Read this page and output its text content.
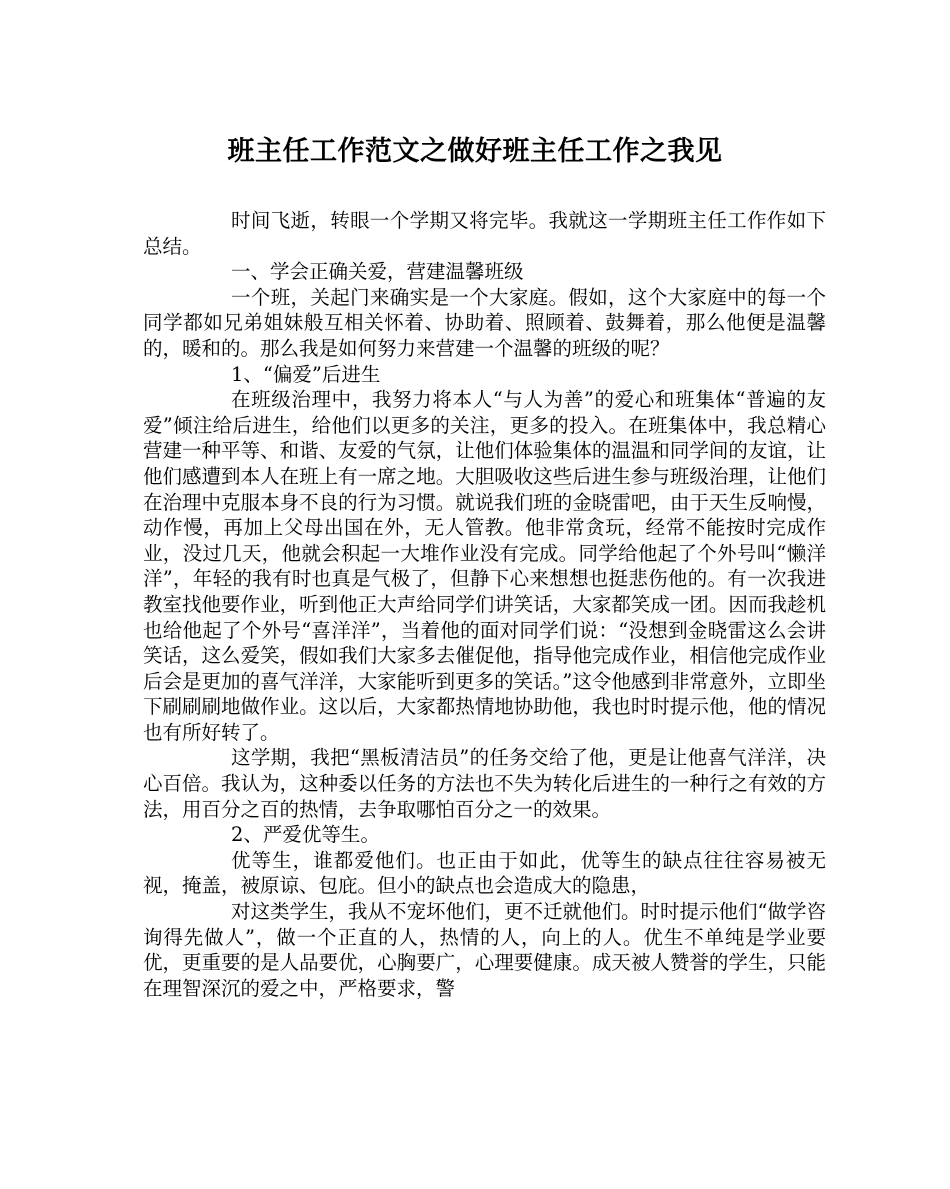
班主任工作范文之做好班主任工作之我见

时间飞逝，转眼一个学期又将完毕。我就这一学期班主任工作作如下总结。

一、学会正确关爱，营建温馨班级

一个班，关起门来确实是一个大家庭。假如，这个大家庭中的每一个同学都如兄弟姐妹般互相关怀着、协助着、照顾着、鼓舞着，那么他便是温馨的，暖和的。那么我是如何努力来营建一个温馨的班级的呢？

1、“偏爱”后进生

在班级治理中，我努力将本人“与人为善”的爱心和班集体“普遍的友爱”倾注给后进生，给他们以更多的关注，更多的投入。在班集体中，我总精心营建一种平等、和谐、友爱的气氛，让他们体验集体的温温和同学间的友谊，让他们感遭到本人在班上有一席之地。大胆吸收这些后进生参与班级治理，让他们在治理中克服本身不良的行为习惯。就说我们班的金晓雷吧，由于天生反响慢，动作慢，再加上父母出国在外，无人管教。他非常贪玩，经常不能按时完成作业，没过几天，他就会积起一大堆作业没有完成。同学给他起了个外号叫“懒洋洋”，年轻的我有时也真是气极了，但静下心来想想也挺悲伤他的。有一次我进教室找他要作业，听到他正大声给同学们讲笑话，大家都笑成一团。因而我趁机也给他起了个外号“喜洋洋”，当着他的面对同学们说：“没想到金晓雷这么会讲笑话，这么爱笑，假如我们大家多去催促他，指导他完成作业，相信他完成作业后会是更加的喜气洋洋，大家能听到更多的笑话。”这令他感到非常意外，立即坐下刷刷刷地做作业。这以后，大家都热情地协助他，我也时时提示他，他的情况也有所好转了。

这学期，我把“黑板清洁员”的任务交给了他，更是让他喜气洋洋，决心百倍。我认为，这种委以任务的方法也不失为转化后进生的一种行之有效的方法，用百分之百的热情，去争取哪怕百分之一的效果。

2、严爱优等生。

优等生，谁都爱他们。也正由于如此，优等生的缺点往往容易被无视，掩盖，被原谅、包庇。但小的缺点也会造成大的隐患，

对这类学生，我从不宠坏他们，更不迁就他们。时时提示他们“做学咨询得先做人”，做一个正直的人，热情的人，向上的人。优生不单纯是学业要优，更重要的是人品要优，心胸要广，心理要健康。成天被人赞誉的学生，只能在理智深沉的爱之中，严格要求，警
